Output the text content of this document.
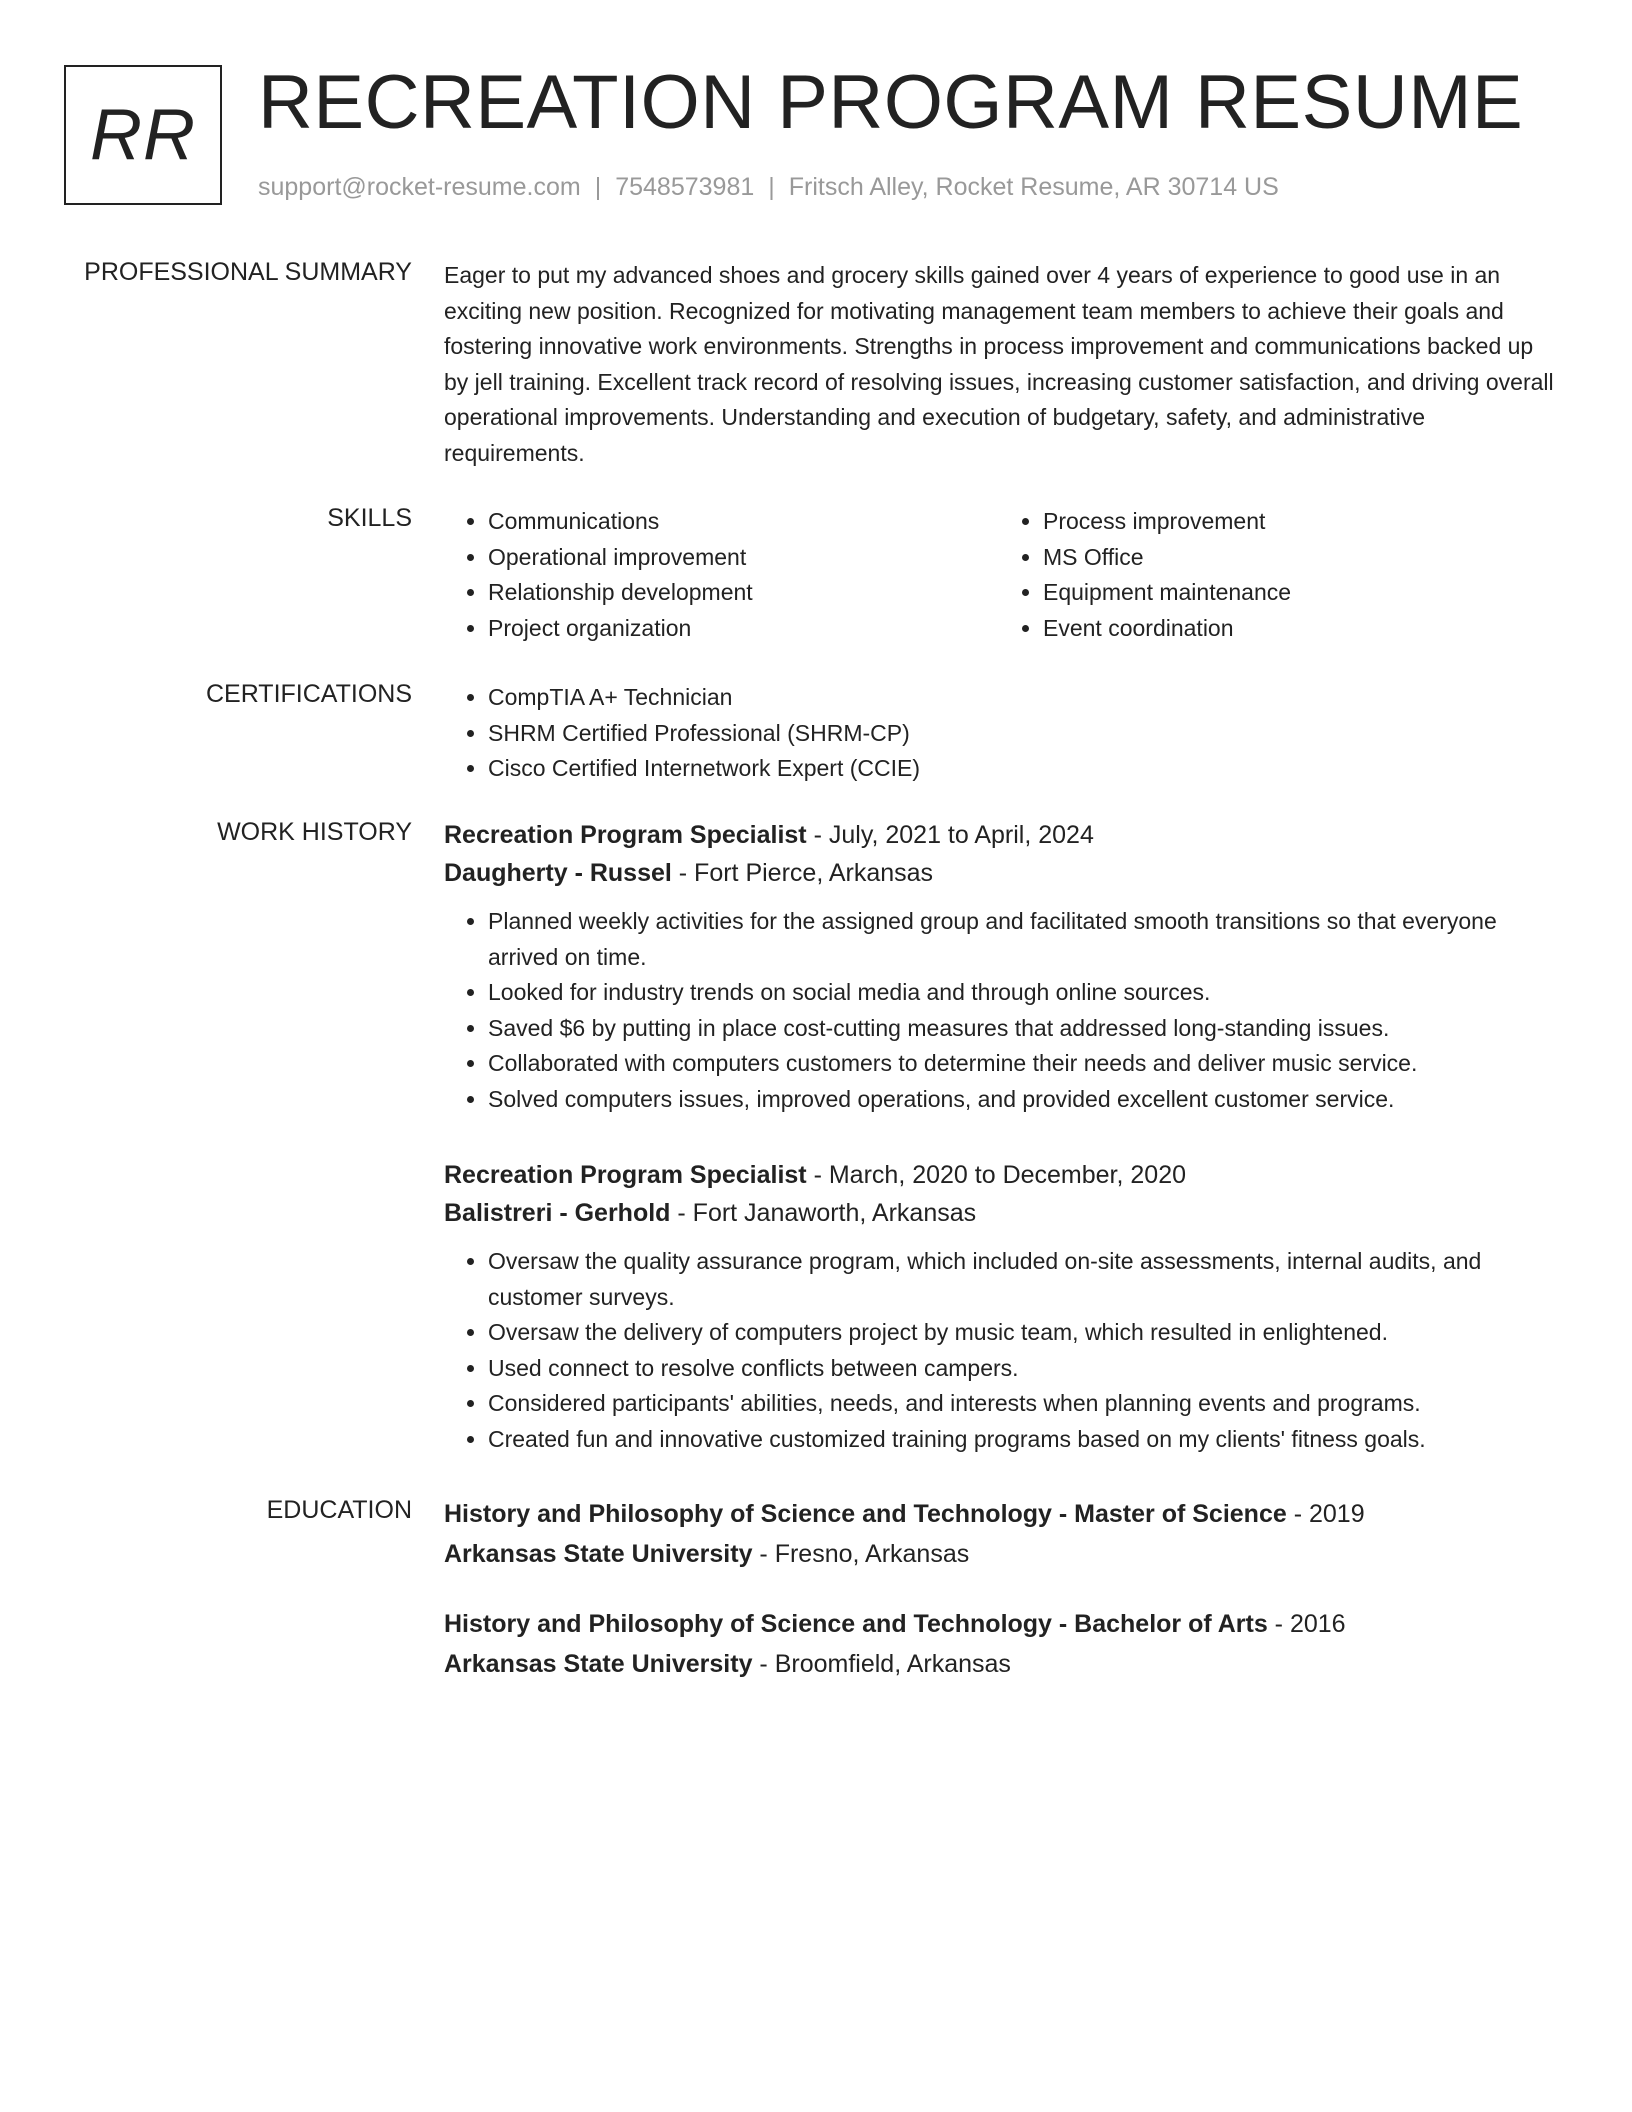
RR RECREATION PROGRAM RESUME
support@rocket-resume.com | 7548573981 | Fritsch Alley, Rocket Resume, AR 30714 US
PROFESSIONAL SUMMARY Eager to put my advanced shoes and grocery skills gained over 4 years of experience to good use in an exciting new position. Recognized for motivating management team members to achieve their goals and fostering innovative work environments. Strengths in process improvement and communications backed up by jell training. Excellent track record of resolving issues, increasing customer satisfaction, and driving overall operational improvements. Understanding and execution of budgetary, safety, and administrative requirements.

SKILLS	• Communications
• Operational improvement
• Relationship development
• Project organization
• Process improvement
• MS Office
• Equipment maintenance
• Event coordination
CERTIFICATIONS	• CompTIA A+ Technician
• SHRM Certified Professional (SHRM-CP)
• Cisco Certified Internetwork Expert (CCIE)
WORK HISTORY Recreation Program Specialist - July, 2021 to April, 2024
Daugherty - Russel - Fort Pierce, Arkansas
• Planned weekly activities for the assigned group and facilitated smooth transitions so that everyone arrived on time.
• Looked for industry trends on social media and through online sources.
• Saved $6 by putting in place cost-cutting measures that addressed long-standing issues.
• Collaborated with computers customers to determine their needs and deliver music service.
• Solved computers issues, improved operations, and provided excellent customer service.
Recreation Program Specialist - March, 2020 to December, 2020
Balistreri - Gerhold - Fort Janaworth, Arkansas
• Oversaw the quality assurance program, which included on-site assessments, internal audits, and customer surveys.
• Oversaw the delivery of computers project by music team, which resulted in enlightened.
• Used connect to resolve conflicts between campers.
• Considered participants' abilities, needs, and interests when planning events and programs.
• Created fun and innovative customized training programs based on my clients' fitness goals.
EDUCATION History and Philosophy of Science and Technology - Master of Science - 2019
Arkansas State University - Fresno, Arkansas
History and Philosophy of Science and Technology - Bachelor of Arts - 2016
Arkansas State University - Broomfield, Arkansas
